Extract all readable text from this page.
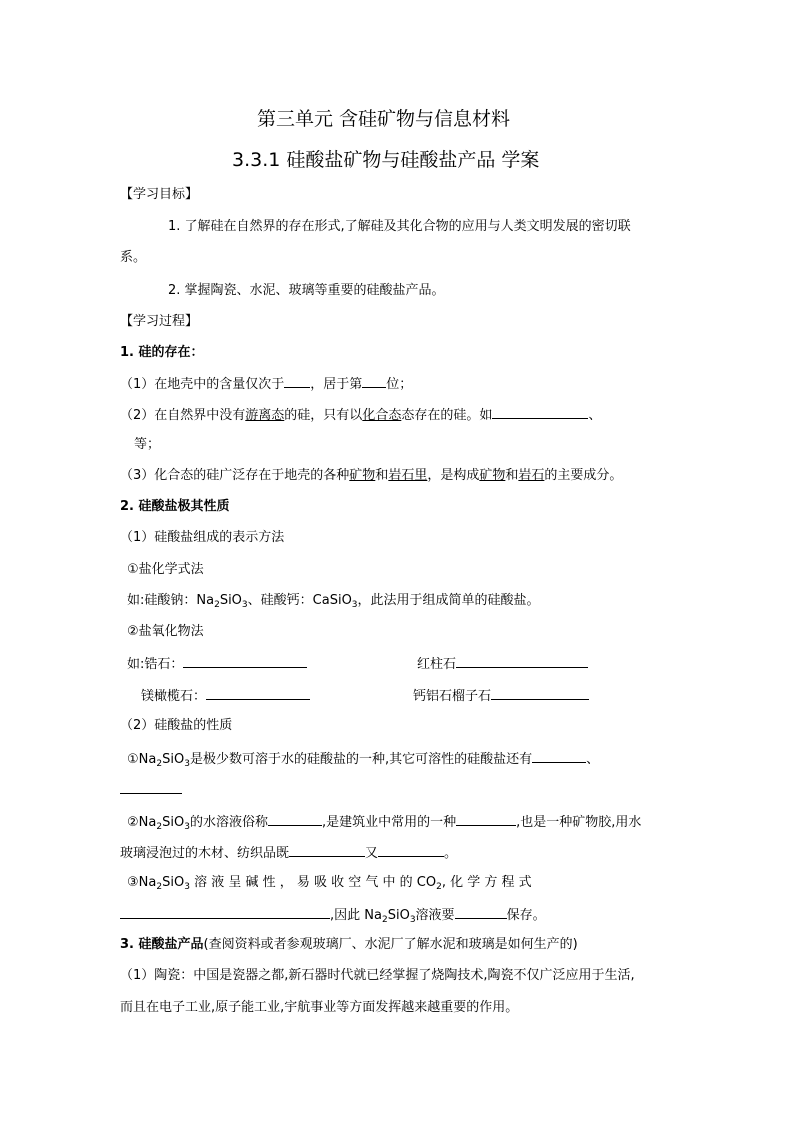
第三单元 含硅矿物与信息材料
3.3.1 硅酸盐矿物与硅酸盐产品 学案
【学习目标】
1. 了解硅在自然界的存在形式,了解硅及其化合物的应用与人类文明发展的密切联
系。
2. 掌握陶瓷、水泥、玻璃等重要的硅酸盐产品。
【学习过程】
1. 硅的存在：
（1）在地壳中的含量仅次于 ，居于第 位；
（2）在自然界中没有游离态的硅，只有以化合态态存在的硅。如	、
等；
（3）化合态的硅广泛存在于地壳的各种矿物和岩石里，是构成矿物和岩石的主要成分。
2. 硅酸盐极其性质
（1）硅酸盐组成的表示方法
①盐化学式法
如:硅酸钠：$Na_2SiO_3$、硅酸钙：CaSiO$_3$，此法用于组成简单的硅酸盐。
②盐氧化物法
如:锆石：	红柱石
镁橄榄石：	钙铝石榴子石
（2）硅酸盐的性质
$①Na_2SiO_3$是极少数可溶于水的硅酸盐的一种,其它可溶性的硅酸盐还有	、
$②Na_2SiO_3$的水溶液俗称	,是建筑业中常用的一种	,也是一种矿物胶,用水
玻璃浸泡过的木材、纺织品既	又	。
$③Na_2SiO_3$ 溶 液 呈 碱 性 ， 易 吸 收 空 气 中 的 $CO_2$, 化 学 方 程 式
,因此 $Na_2SiO_3$溶液要	保存。
3. 硅酸盐产品(查阅资料或者参观玻璃厂、水泥厂了解水泥和玻璃是如何生产的)
（1）陶瓷：中国是瓷器之都,新石器时代就已经掌握了烧陶技术,陶瓷不仅广泛应用于生活,
而且在电子工业,原子能工业,宇航事业等方面发挥越来越重要的作用。
